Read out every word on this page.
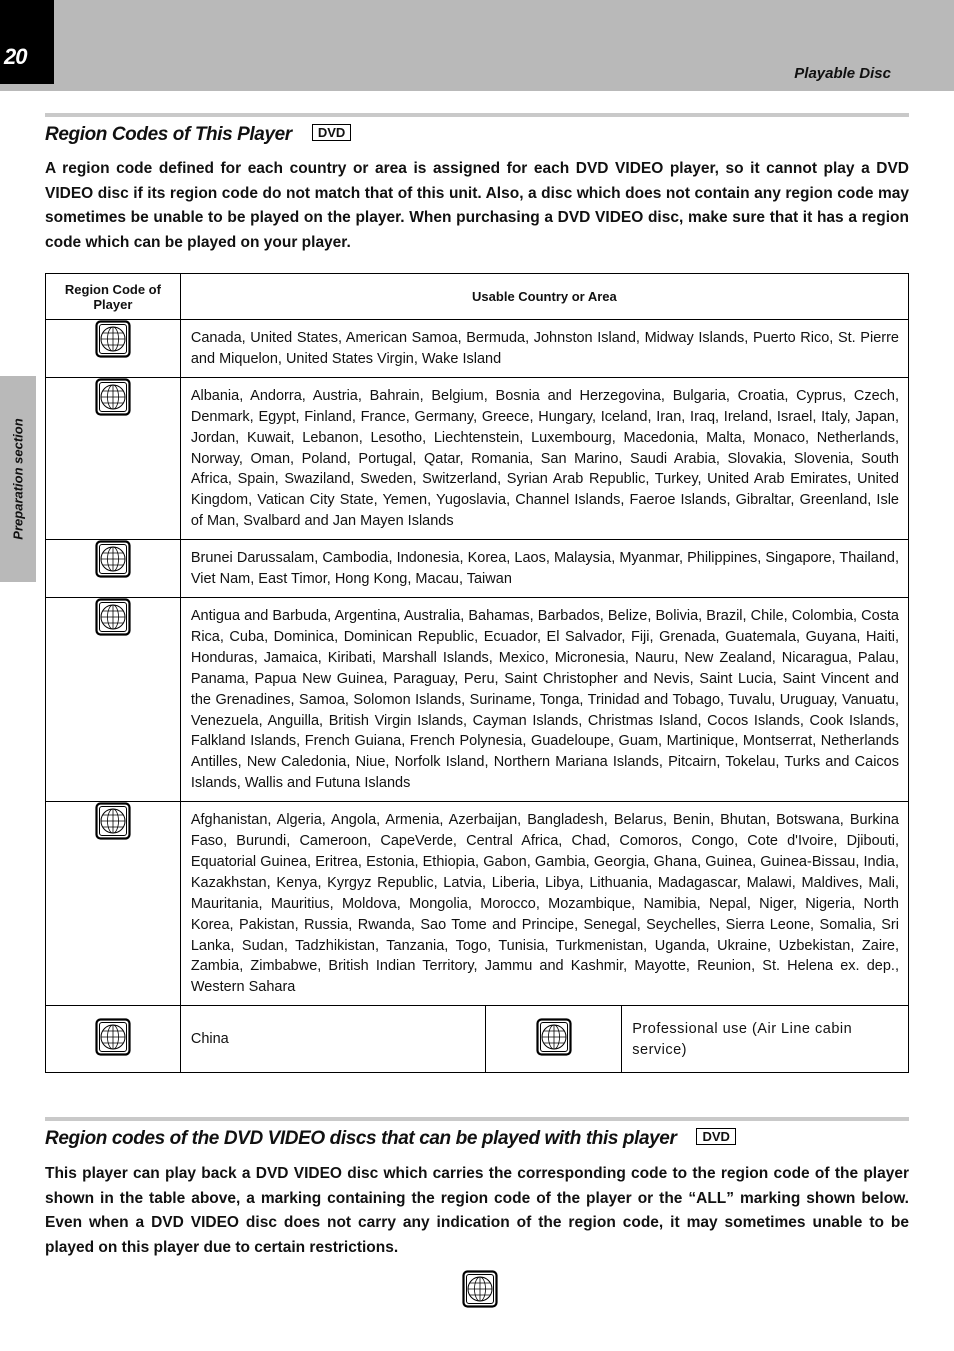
20
Playable Disc
Preparation section
Region Codes of This Player DVD

A region code defined for each country or area is assigned for each DVD VIDEO player, so it cannot play a DVD VIDEO disc if its region code do not match that of this unit. Also, a disc which does not contain any region code may sometimes be unable to be played on the player. When purchasing a DVD VIDEO disc, make sure that it has a region code which can be played on your player.

Region Code of Player	Usable Country or Area		
	Canada, United States, American Samoa, Bermuda, Johnston Island, Midway Islands, Puerto Rico, St. Pierre and Miquelon, United States Virgin, Wake Island		
	Albania, Andorra, Austria, Bahrain, Belgium, Bosnia and Herzegovina, Bulgaria, Croatia, Cyprus, Czech, Denmark, Egypt, Finland, France, Germany, Greece, Hungary, Iceland, Iran, Iraq, Ireland, Israel, Italy, Japan, Jordan, Kuwait, Lebanon, Lesotho, Liechtenstein, Luxembourg, Macedonia, Malta, Monaco, Netherlands, Norway, Oman, Poland, Portugal, Qatar, Romania, San Marino, Saudi Arabia, Slovakia, Slovenia, South Africa, Spain, Swaziland, Sweden, Switzerland, Syrian Arab Republic, Turkey, United Arab Emirates, United Kingdom, Vatican City State, Yemen, Yugoslavia, Channel Islands, Faeroe Islands, Gibraltar, Greenland, Isle of Man, Svalbard and Jan Mayen Islands		
	Brunei Darussalam, Cambodia, Indonesia, Korea, Laos, Malaysia, Myanmar, Philippines, Singapore, Thailand, Viet Nam, East Timor, Hong Kong, Macau, Taiwan		
	Antigua and Barbuda, Argentina, Australia, Bahamas, Barbados, Belize, Bolivia, Brazil, Chile, Colombia, Costa Rica, Cuba, Dominica, Dominican Republic, Ecuador, El Salvador, Fiji, Grenada, Guatemala, Guyana, Haiti, Honduras, Jamaica, Kiribati, Marshall Islands, Mexico, Micronesia, Nauru, New Zealand, Nicaragua, Palau, Panama, Papua New Guinea, Paraguay, Peru, Saint Christopher and Nevis, Saint Lucia, Saint Vincent and the Grenadines, Samoa, Solomon Islands, Suriname, Tonga, Trinidad and Tobago, Tuvalu, Uruguay, Vanuatu, Venezuela, Anguilla, British Virgin Islands, Cayman Islands, Christmas Island, Cocos Islands, Cook Islands, Falkland Islands, French Guiana, French Polynesia, Guadeloupe, Guam, Martinique, Montserrat, Netherlands Antilles, New Caledonia, Niue, Norfolk Island, Northern Mariana Islands, Pitcairn, Tokelau, Turks and Caicos Islands, Wallis and Futuna Islands		
	Afghanistan, Algeria, Angola, Armenia, Azerbaijan, Bangladesh, Belarus, Benin, Bhutan, Botswana, Burkina Faso, Burundi, Cameroon, CapeVerde, Central Africa, Chad, Comoros, Congo, Cote d'Ivoire, Djibouti, Equatorial Guinea, Eritrea, Estonia, Ethiopia, Gabon, Gambia, Georgia, Ghana, Guinea, Guinea-Bissau, India, Kazakhstan, Kenya, Kyrgyz Republic, Latvia, Liberia, Libya, Lithuania, Madagascar, Malawi, Maldives, Mali, Mauritania, Mauritius, Moldova, Mongolia, Morocco, Mozambique, Namibia, Nepal, Niger, Nigeria, North Korea, Pakistan, Russia, Rwanda, Sao Tome and Principe, Senegal, Seychelles, Sierra Leone, Somalia, Sri Lanka, Sudan, Tadzhikistan, Tanzania, Togo, Tunisia, Turkmenistan, Uganda, Ukraine, Uzbekistan, Zaire, Zambia, Zimbabwe, British Indian Territory, Jammu and Kashmir, Mayotte, Reunion, St. Helena ex. dep., Western Sahara		
	China		Professional use (Air Line cabin service)
Region codes of the DVD VIDEO discs that can be played with this player DVD

This player can play back a DVD VIDEO disc which carries the corresponding code to the region code of the player shown in the table above, a marking containing the region code of the player or the “ALL” marking shown below. Even when a DVD VIDEO disc does not carry any indication of the region code, it may sometimes unable to be played on this player due to certain restrictions.
